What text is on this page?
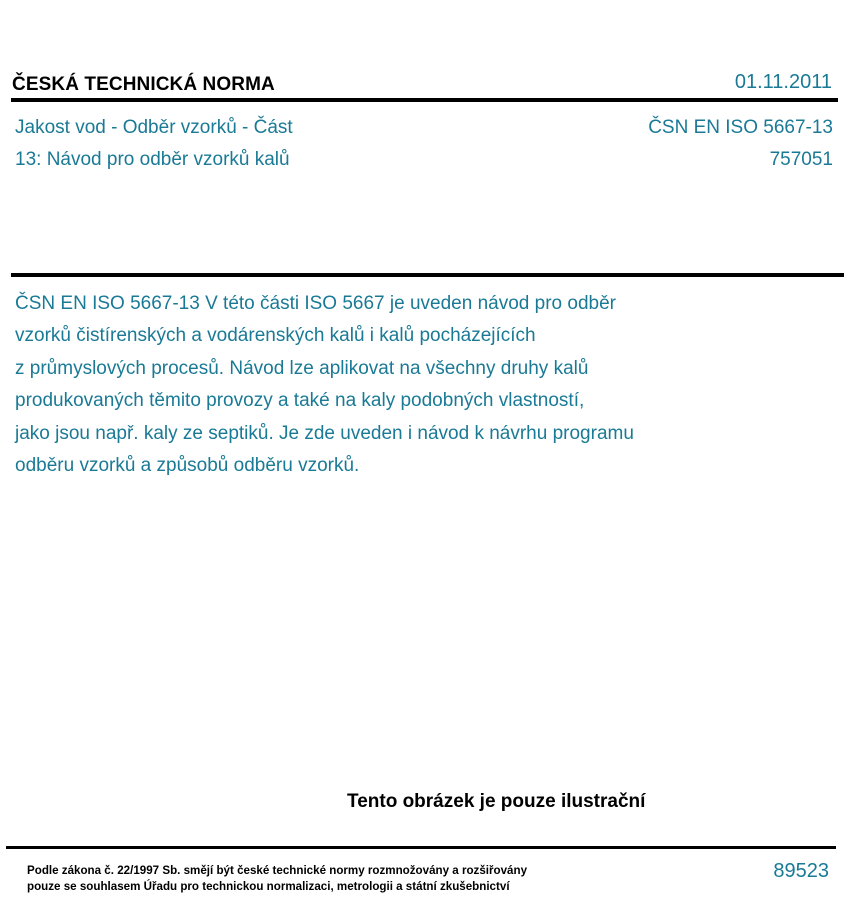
ČESKÁ TECHNICKÁ NORMA	01.11.2011
Jakost vod - Odběr vzorků - Část
13: Návod pro odběr vzorků kalů
ČSN EN ISO 5667-13
757051
ČSN EN ISO 5667-13 V této části ISO 5667 je uveden návod pro odběr
vzorků čistírenských a vodárenských kalů i kalů pocházejících
z průmyslových procesů. Návod lze aplikovat na všechny druhy kalů
produkovaných těmito provozy a také na kaly podobných vlastností,
jako jsou např. kaly ze septiků. Je zde uveden i návod k návrhu programu
odběru vzorků a způsobů odběru vzorků.
Tento obrázek je pouze ilustrační
Podle zákona č. 22/1997 Sb. smějí být české technické normy rozmnožovány a rozšiřovány
pouze se souhlasem Úřadu pro technickou normalizaci, metrologii a státní zkušebnictví
89523
